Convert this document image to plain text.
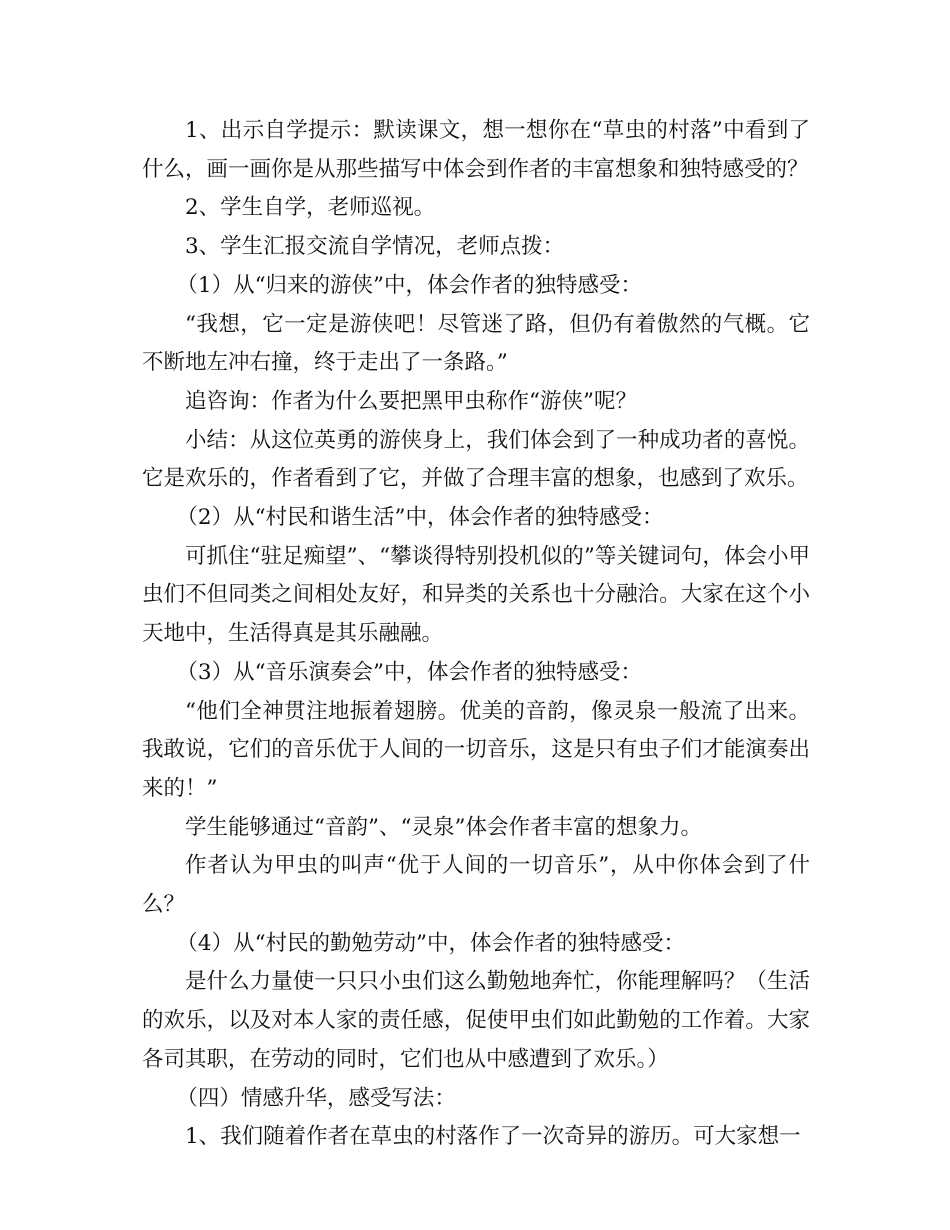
1、出示自学提示：默读课文，想一想你在“草虫的村落”中看到了什么，画一画你是从那些描写中体会到作者的丰富想象和独特感受的？

2、学生自学，老师巡视。

3、学生汇报交流自学情况，老师点拨：

（1）从“归来的游侠”中，体会作者的独特感受：

“我想，它一定是游侠吧！尽管迷了路，但仍有着傲然的气概。它不断地左冲右撞，终于走出了一条路。”

追咨询：作者为什么要把黑甲虫称作“游侠”呢？

小结：从这位英勇的游侠身上，我们体会到了一种成功者的喜悦。它是欢乐的，作者看到了它，并做了合理丰富的想象，也感到了欢乐。

（2）从“村民和谐生活”中，体会作者的独特感受：

可抓住“驻足痴望”、“攀谈得特别投机似的”等关键词句，体会小甲虫们不但同类之间相处友好，和异类的关系也十分融洽。大家在这个小天地中，生活得真是其乐融融。

（3）从“音乐演奏会”中，体会作者的独特感受：

“他们全神贯注地振着翅膀。优美的音韵，像灵泉一般流了出来。我敢说，它们的音乐优于人间的一切音乐，这是只有虫子们才能演奏出来的！”

学生能够通过“音韵”、“灵泉”体会作者丰富的想象力。

作者认为甲虫的叫声“优于人间的一切音乐”，从中你体会到了什么？

（4）从“村民的勤勉劳动”中，体会作者的独特感受：

是什么力量使一只只小虫们这么勤勉地奔忙，你能理解吗？（生活的欢乐，以及对本人家的责任感，促使甲虫们如此勤勉的工作着。大家各司其职，在劳动的同时，它们也从中感遭到了欢乐。）

（四）情感升华，感受写法：

1、我们随着作者在草虫的村落作了一次奇异的游历。可大家想一
